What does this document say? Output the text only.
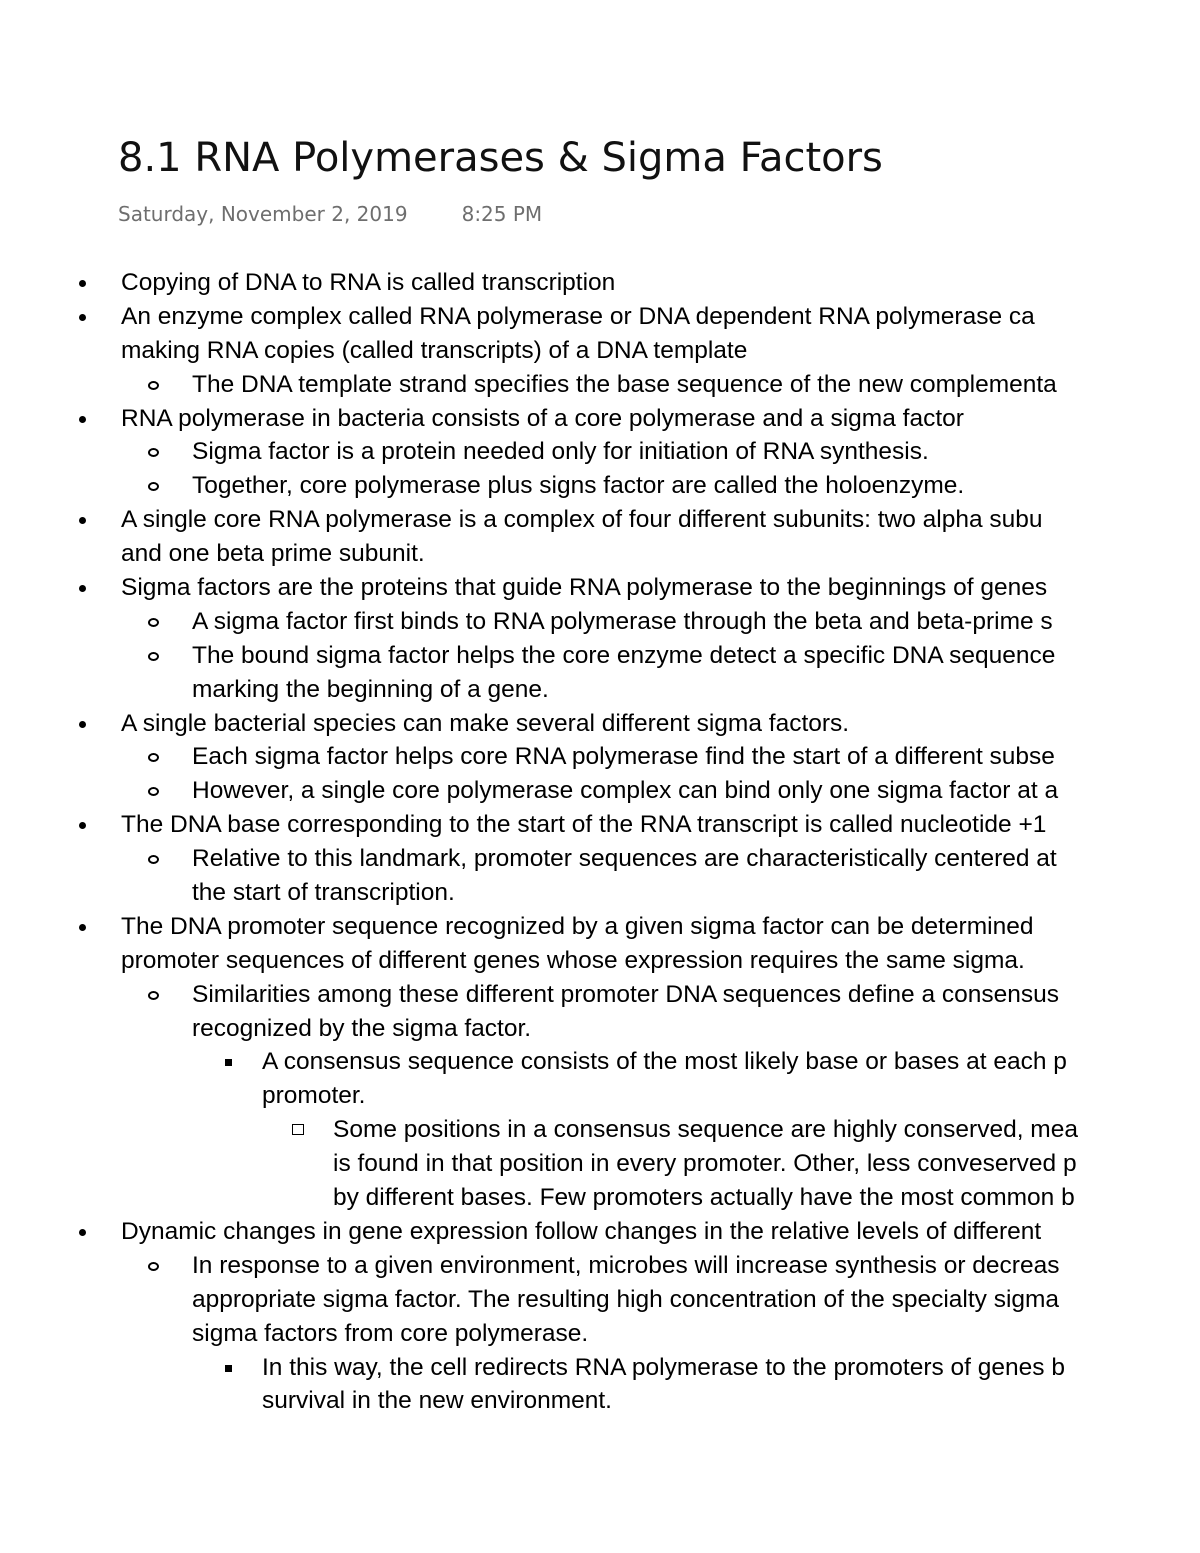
8.1 RNA Polymerases & Sigma Factors
Saturday, November 2, 2019	8:25 PM
Copying of DNA to RNA is called transcription
An enzyme complex called RNA polymerase or DNA dependent RNA polymerase ca
making RNA copies (called transcripts) of a DNA template
The DNA template strand specifies the base sequence of the new complementa
RNA polymerase in bacteria consists of a core polymerase and a sigma factor
Sigma factor is a protein needed only for initiation of RNA synthesis.
Together, core polymerase plus signs factor are called the holoenzyme.
A single core RNA polymerase is a complex of four different subunits: two alpha subu
and one beta prime subunit.
Sigma factors are the proteins that guide RNA polymerase to the beginnings of genes
A sigma factor first binds to RNA polymerase through the beta and beta-prime s
The bound sigma factor helps the core enzyme detect a specific DNA sequence
marking the beginning of a gene.
A single bacterial species can make several different sigma factors.
Each sigma factor helps core RNA polymerase find the start of a different subse
However, a single core polymerase complex can bind only one sigma factor at a
The DNA base corresponding to the start of the RNA transcript is called nucleotide +1
Relative to this landmark, promoter sequences are characteristically centered at
the start of transcription.
The DNA promoter sequence recognized by a given sigma factor can be determined
promoter sequences of different genes whose expression requires the same sigma.
Similarities among these different promoter DNA sequences define a consensus
recognized by the sigma factor.
A consensus sequence consists of the most likely base or bases at each p
promoter.
Some positions in a consensus sequence are highly conserved, mea
is found in that position in every promoter. Other, less conveserved p
by different bases. Few promoters actually have the most common b
Dynamic changes in gene expression follow changes in the relative levels of different
In response to a given environment, microbes will increase synthesis or decreas
appropriate sigma factor. The resulting high concentration of the specialty sigma
sigma factors from core polymerase.
In this way, the cell redirects RNA polymerase to the promoters of genes b
survival in the new environment.
